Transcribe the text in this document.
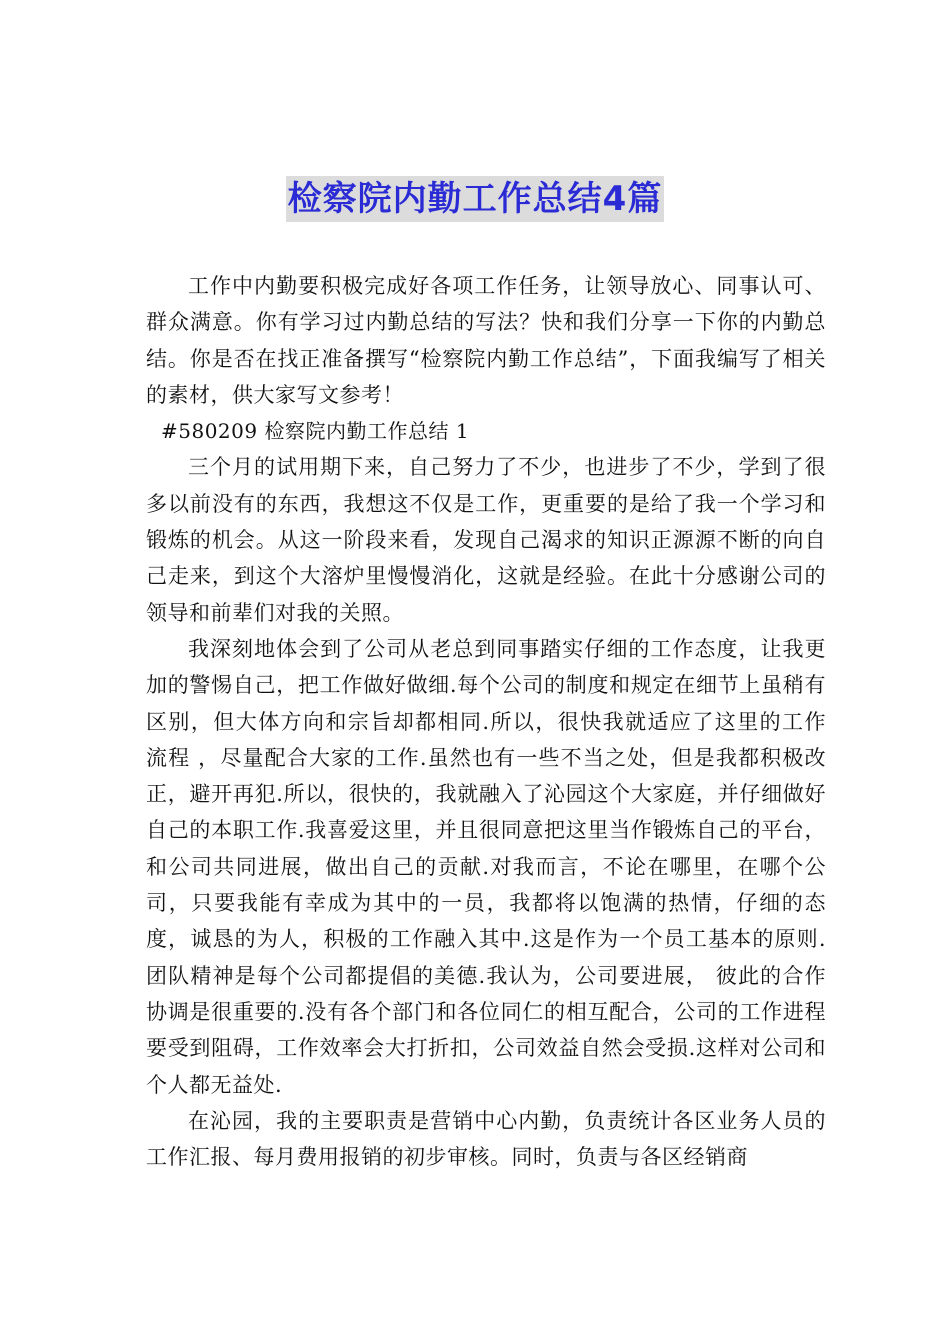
检察院内勤工作总结4篇

工作中内勤要积极完成好各项工作任务，让领导放心、同事认可、群众满意。你有学习过内勤总结的写法？快和我们分享一下你的内勤总结。你是否在找正准备撰写“检察院内勤工作总结”，下面我编写了相关的素材，供大家写文参考！

#580209 检察院内勤工作总结 1

三个月的试用期下来，自己努力了不少，也进步了不少，学到了很多以前没有的东西，我想这不仅是工作，更重要的是给了我一个学习和锻炼的机会。从这一阶段来看，发现自己渴求的知识正源源不断的向自己走来，到这个大溶炉里慢慢消化，这就是经验。在此十分感谢公司的领导和前辈们对我的关照。

我深刻地体会到了公司从老总到同事踏实仔细的工作态度，让我更加的警惕自己，把工作做好做细.每个公司的制度和规定在细节上虽稍有区别，但大体方向和宗旨却都相同.所以，很快我就适应了这里的工作 流程 ，尽量配合大家的工作.虽然也有一些不当之处，但是我都积极改正，避开再犯.所以，很快的，我就融入了沁园这个大家庭，并仔细做好自己的本职工作.我喜爱这里，并且很同意把这里当作锻炼自己的平台，和公司共同进展，做出自己的贡献.对我而言，不论在哪里，在哪个公司，只要我能有幸成为其中的一员，我都将以饱满的热情，仔细的态度，诚恳的为人，积极的工作融入其中.这是作为一个员工基本的原则.团队精神是每个公司都提倡的美德.我认为，公司要进展， 彼此的合作协调是很重要的.没有各个部门和各位同仁的相互配合，公司的工作进程要受到阻碍，工作效率会大打折扣，公司效益自然会受损.这样对公司和个人都无益处.

在沁园，我的主要职责是营销中心内勤，负责统计各区业务人员的工作汇报、每月费用报销的初步审核。同时，负责与各区经销商
